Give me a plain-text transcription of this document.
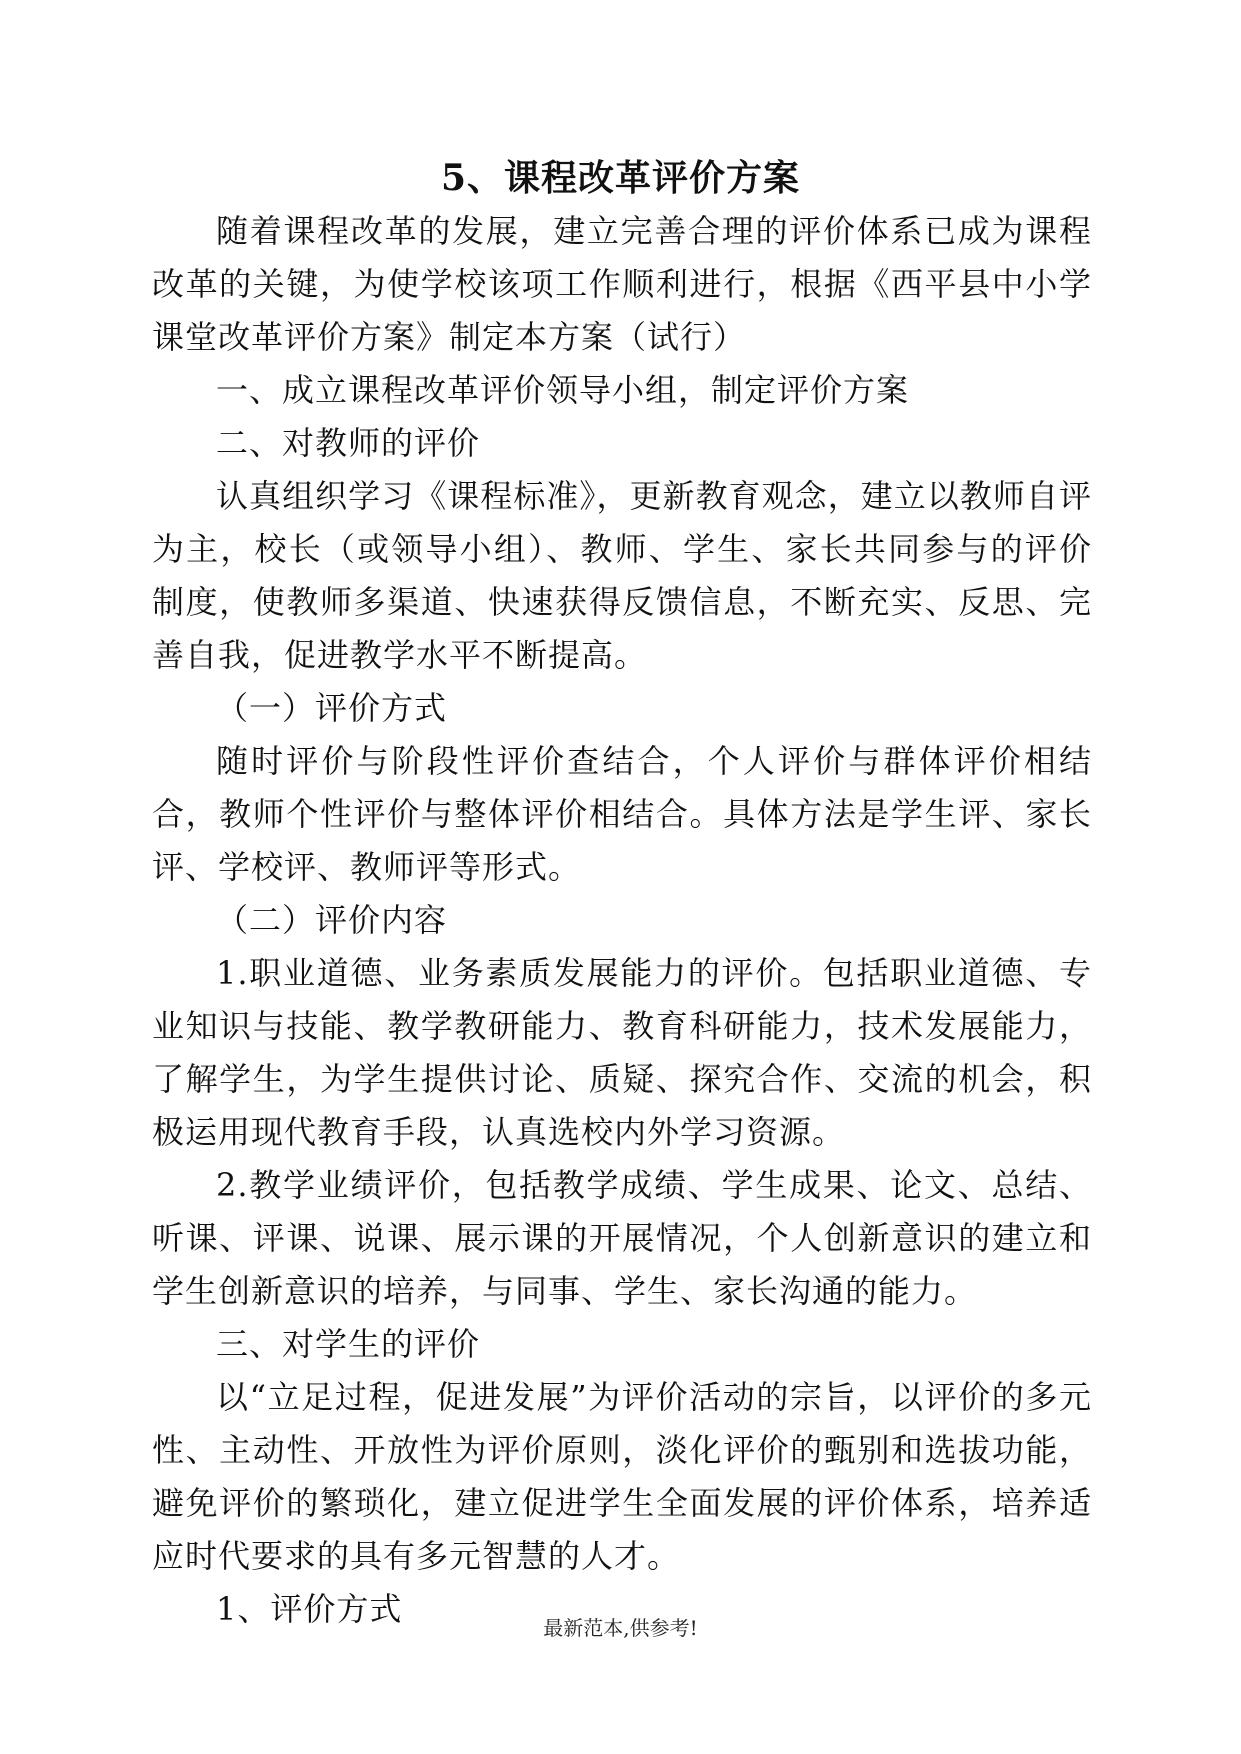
5、课程改革评价方案

随着课程改革的发展，建立完善合理的评价体系已成为课程改革的关键，为使学校该项工作顺利进行，根据《西平县中小学课堂改革评价方案》制定本方案（试行）

一、成立课程改革评价领导小组，制定评价方案

二、对教师的评价

认真组织学习《课程标准》，更新教育观念，建立以教师自评为主，校长（或领导小组）、教师、学生、家长共同参与的评价制度，使教师多渠道、快速获得反馈信息，不断充实、反思、完善自我，促进教学水平不断提高。

（一）评价方式

随时评价与阶段性评价查结合，个人评价与群体评价相结合，教师个性评价与整体评价相结合。具体方法是学生评、家长评、学校评、教师评等形式。

（二）评价内容

1.职业道德、业务素质发展能力的评价。包括职业道德、专业知识与技能、教学教研能力、教育科研能力，技术发展能力，了解学生，为学生提供讨论、质疑、探究合作、交流的机会，积极运用现代教育手段，认真选校内外学习资源。

2.教学业绩评价，包括教学成绩、学生成果、论文、总结、听课、评课、说课、展示课的开展情况，个人创新意识的建立和学生创新意识的培养，与同事、学生、家长沟通的能力。

三、对学生的评价

以“立足过程，促进发展”为评价活动的宗旨，以评价的多元性、主动性、开放性为评价原则，淡化评价的甄别和选拔功能，避免评价的繁琐化，建立促进学生全面发展的评价体系，培养适应时代要求的具有多元智慧的人才。

1、评价方式	最新范本,供参考!
